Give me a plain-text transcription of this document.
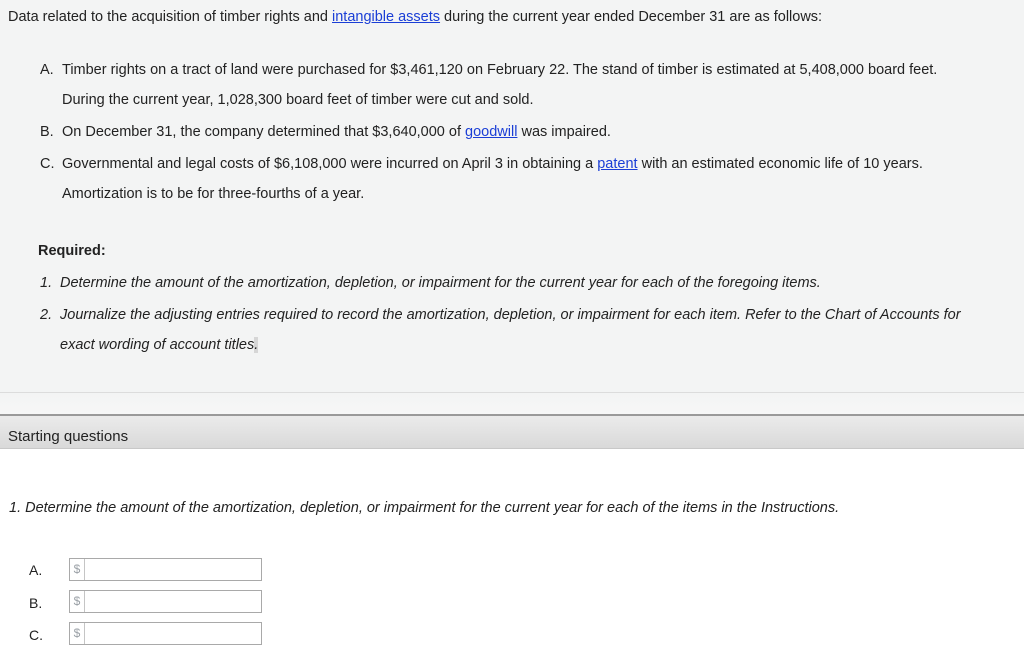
Data related to the acquisition of timber rights and intangible assets during the current year ended December 31 are as follows:
A. Timber rights on a tract of land were purchased for $3,461,120 on February 22. The stand of timber is estimated at 5,408,000 board feet.
During the current year, 1,028,300 board feet of timber were cut and sold.
B. On December 31, the company determined that $3,640,000 of goodwill was impaired.
C. Governmental and legal costs of $6,108,000 were incurred on April 3 in obtaining a patent with an estimated economic life of 10 years.
Amortization is to be for three-fourths of a year.
Required:
1. Determine the amount of the amortization, depletion, or impairment for the current year for each of the foregoing items.
2. Journalize the adjusting entries required to record the amortization, depletion, or impairment for each item. Refer to the Chart of Accounts for
exact wording of account titles.
Starting questions
1. Determine the amount of the amortization, depletion, or impairment for the current year for each of the items in the Instructions.
A.	$
B.	$
C.	$
